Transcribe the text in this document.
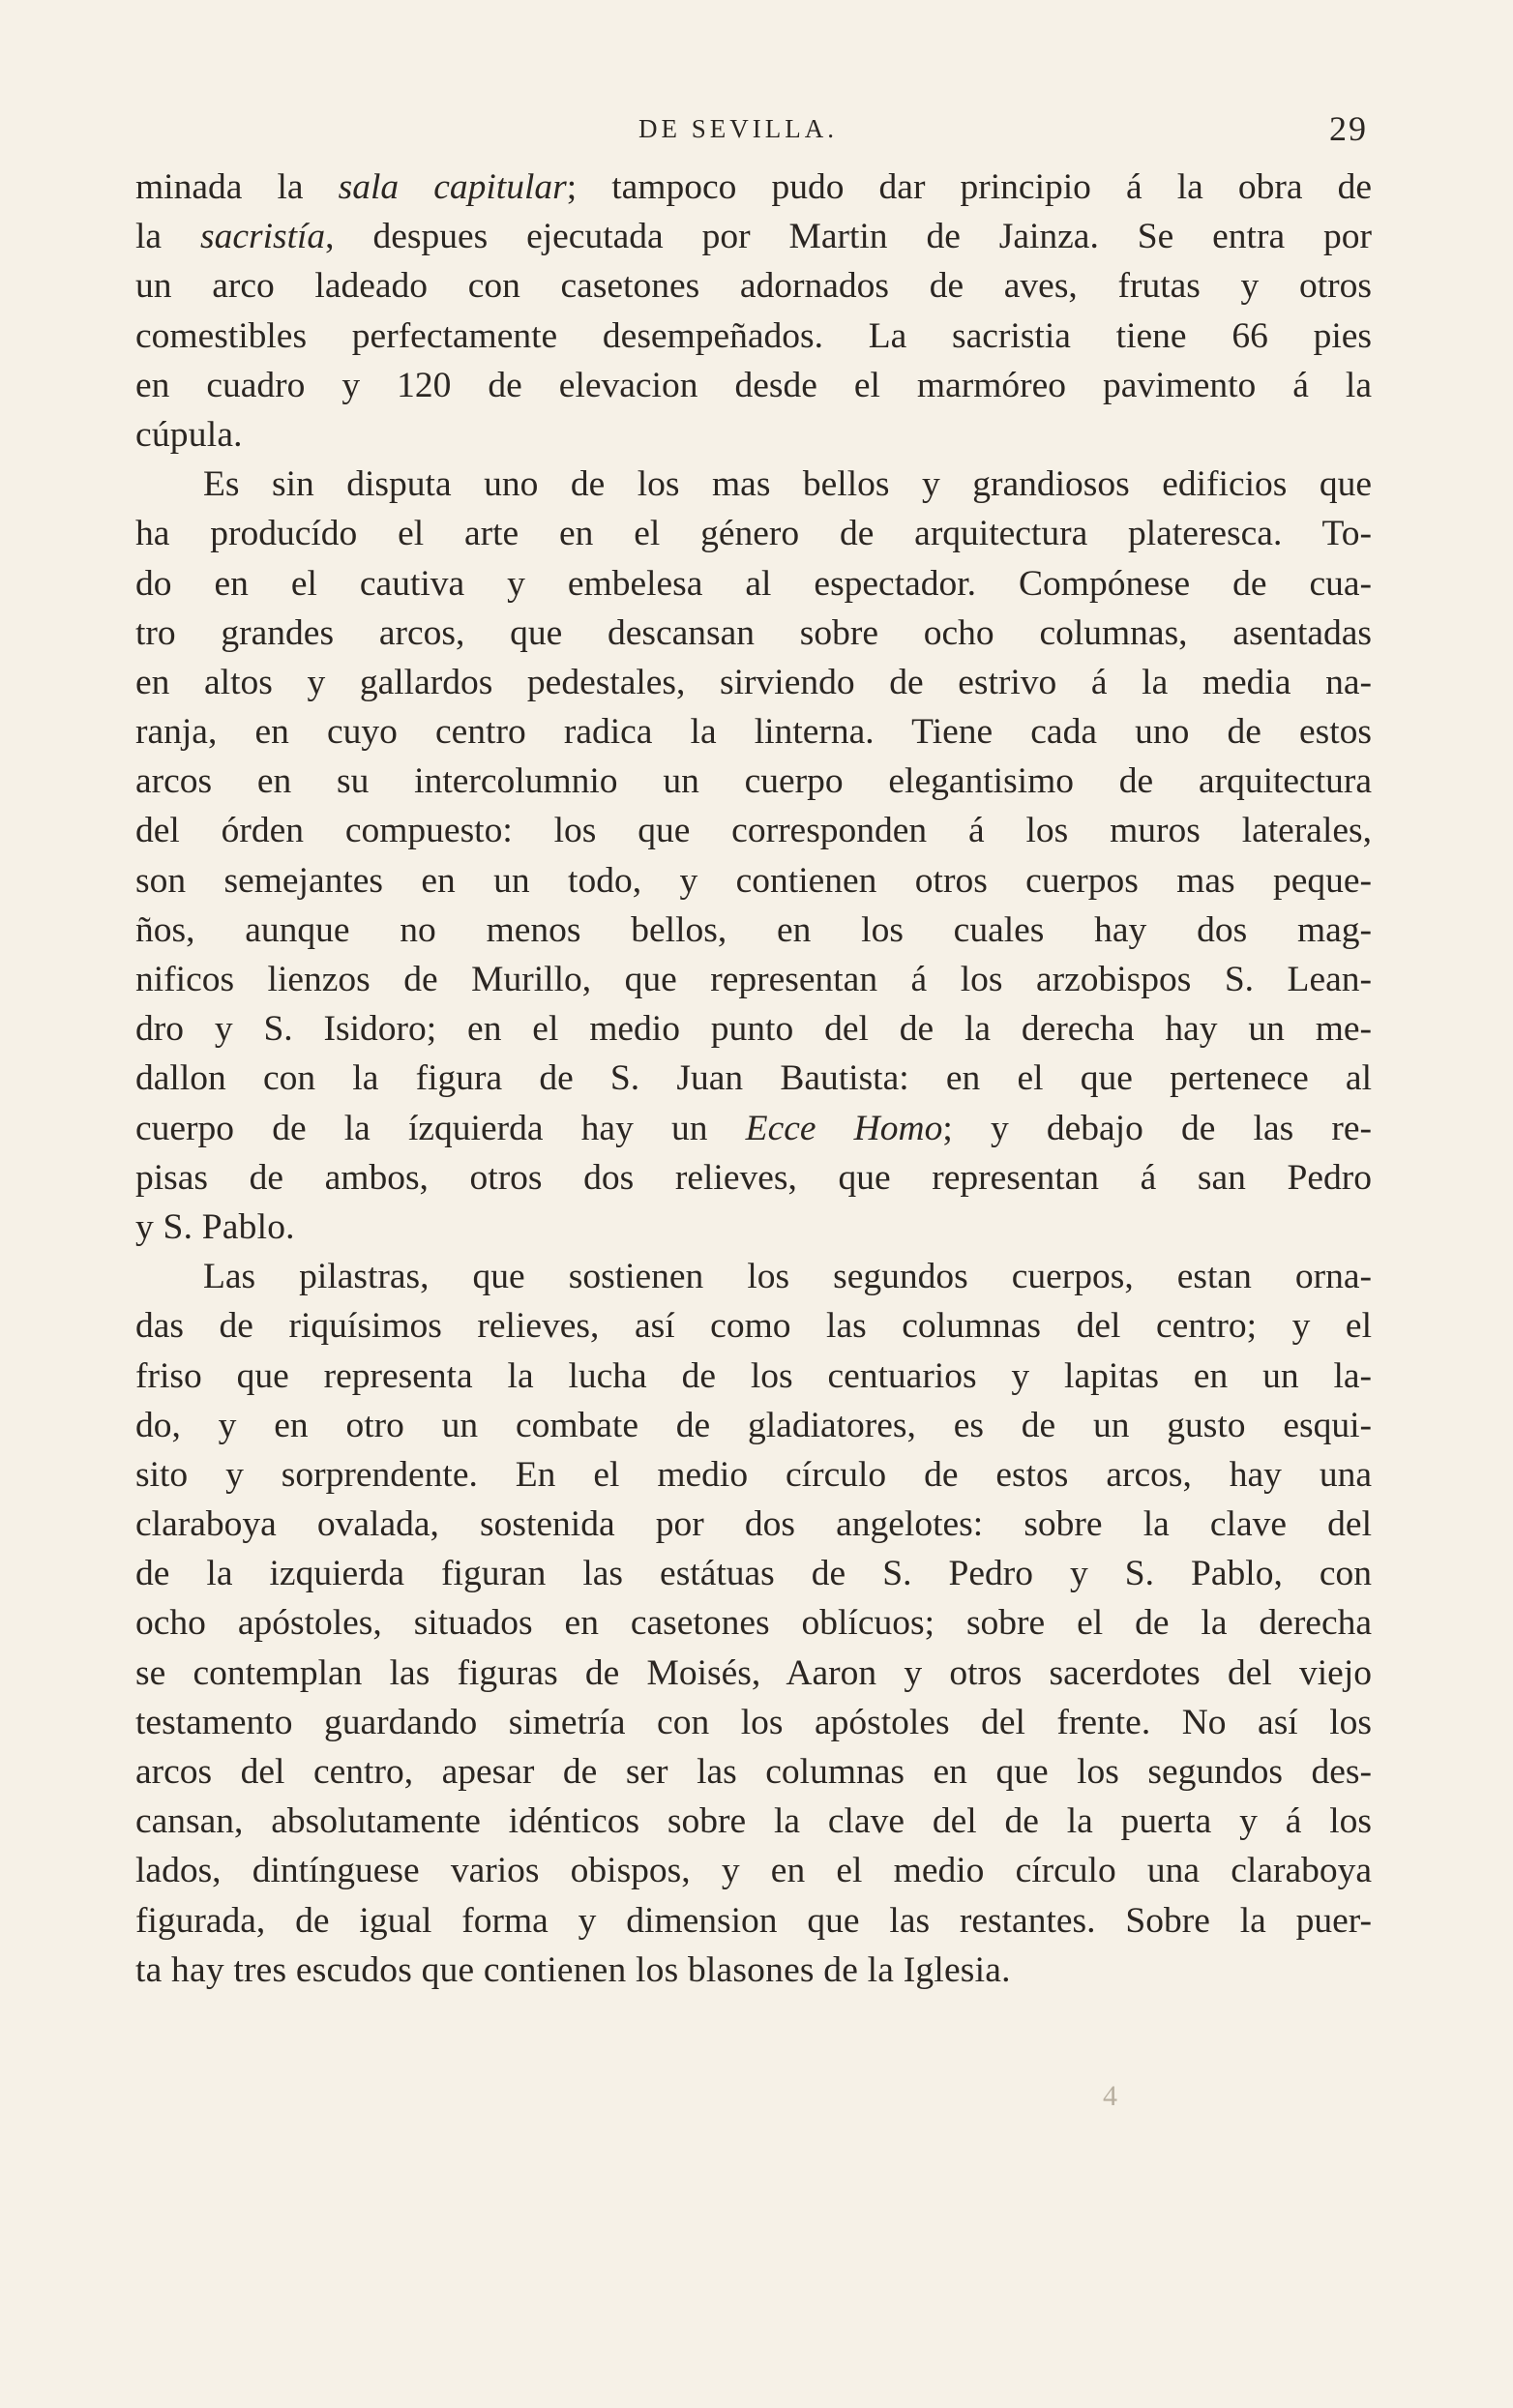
DE SEVILLA.	29
minada la sala capitular; tampoco pudo dar principio á la obra de
la sacristía, despues ejecutada por Martin de Jainza. Se entra por
un arco ladeado con casetones adornados de aves, frutas y otros
comestibles perfectamente desempeñados. La sacristia tiene 66 pies
en cuadro y 120 de elevacion desde el marmóreo pavimento á la
cúpula.
Es sin disputa uno de los mas bellos y grandiosos edificios que
ha producído el arte en el género de arquitectura plateresca. To-
do en el cautiva y embelesa al espectador. Compónese de cua-
tro grandes arcos, que descansan sobre ocho columnas, asentadas
en altos y gallardos pedestales, sirviendo de estrivo á la media na-
ranja, en cuyo centro radica la linterna. Tiene cada uno de estos
arcos en su intercolumnio un cuerpo elegantisimo de arquitectura
del órden compuesto: los que corresponden á los muros laterales,
son semejantes en un todo, y contienen otros cuerpos mas peque-
ños, aunque no menos bellos, en los cuales hay dos mag-
nificos lienzos de Murillo, que representan á los arzobispos S. Lean-
dro y S. Isidoro; en el medio punto del de la derecha hay un me-
dallon con la figura de S. Juan Bautista: en el que pertenece al
cuerpo de la ízquierda hay un Ecce Homo; y debajo de las re-
pisas de ambos, otros dos relieves, que representan á san Pedro
y S. Pablo.
Las pilastras, que sostienen los segundos cuerpos, estan orna-
das de riquísimos relieves, así como las columnas del centro; y el
friso que representa la lucha de los centuarios y lapitas en un la-
do, y en otro un combate de gladiatores, es de un gusto esqui-
sito y sorprendente. En el medio círculo de estos arcos, hay una
claraboya ovalada, sostenida por dos angelotes: sobre la clave del
de la izquierda figuran las estátuas de S. Pedro y S. Pablo, con
ocho apóstoles, situados en casetones oblícuos; sobre el de la derecha
se contemplan las figuras de Moisés, Aaron y otros sacerdotes del viejo
testamento guardando simetría con los apóstoles del frente. No así los
arcos del centro, apesar de ser las columnas en que los segundos des-
cansan, absolutamente idénticos sobre la clave del de la puerta y á los
lados, dintínguese varios obispos, y en el medio círculo una claraboya
figurada, de igual forma y dimension que las restantes. Sobre la puer-
ta hay tres escudos que contienen los blasones de la Iglesia.
4
